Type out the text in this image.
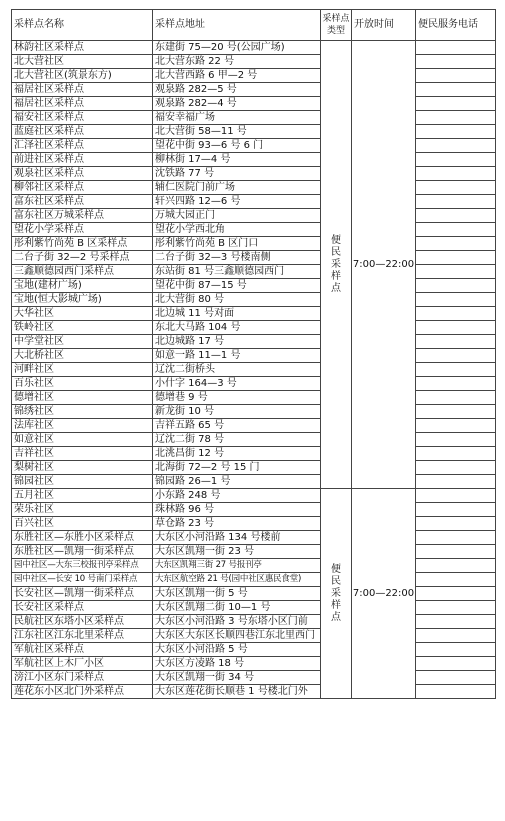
采样点名称	采样点地址	采样点类型	开放时间	便民服务电话
林韵社区采样点	东建街 75—20 号(公园广场)	便民采样点	7:00—22:00	
北大营社区	北大营东路 22 号			
北大营社区(筑景东方)	北大营西路 6 甲—2 号			
福居社区采样点	观泉路 282—5 号			
福居社区采样点	观泉路 282—4 号			
福安社区采样点	福安幸福广场			
蓝庭社区采样点	北大营街 58—11 号			
汇泽社区采样点	望花中街 93—6 号 6 门			
前进社区采样点	柳林街 17—4 号			
观泉社区采样点	沈铁路 77 号			
柳邻社区采样点	辅仁医院门前广场			
富东社区采样点	轩兴四路 12—6 号			
富东社区万城采样点	万城大园正门			
望花小学采样点	望花小学西北角			
彤利紫竹尚苑 B 区采样点	彤利紫竹尚苑 B 区门口			
二台子街 32—2 号采样点	二台子街 32—3 号楼南侧			
三鑫顺德园西门采样点	东站街 81 号三鑫顺德园西门			
宝地(建材广场)	望花中街 87—15 号			
宝地(恒大影城广场)	北大营街 80 号			
大华社区	北边城 11 号对面			
铁岭社区	东北大马路 104 号			
中学堂社区	北边城路 17 号			
大北桥社区	如意一路 11—1 号			
河畔社区	辽沈二街桥头			
百乐社区	小什字 164—3 号			
德增社区	德增巷 9 号			
锦绣社区	新龙街 10 号			
法库社区	吉祥五路 65 号			
如意社区	辽沈二街 78 号			
吉祥社区	北洮昌街 12 号			
梨树社区	北海街 72—2 号 15 门			
锦园社区	锦园路 26—1 号			
五月社区	小东路 248 号	便民采样点	7:00—22:00	
荣乐社区	珠林路 96 号			
百兴社区	草仓路 23 号			
东胜社区—东胜小区采样点	大东区小河沿路 134 号楼前			
东胜社区—凯翔一街采样点	大东区凯翔一街 23 号			
园中社区—大东三校报刊亭采样点	大东区凯翔三街 27 号报刊亭			
园中社区—长安 10 号南门采样点	大东区航空路 21 号(园中社区惠民食堂)			
长安社区—凯翔一街采样点	大东区凯翔一街 5 号			
长安社区采样点	大东区凯翔二街 10—1 号			
民航社区东塔小区采样点	大东区小河沿路 3 号东塔小区门前			
江东社区江东北里采样点	大东区大东区长顺四巷江东北里西门			
军航社区采样点	大东区小河沿路 5 号			
军航社区上木厂小区	大东区方凌路 18 号			
滂江小区东门采样点	大东区凯翔一街 34 号			
莲花东小区北门外采样点	大东区莲花街长顺巷 1 号楼北门外			
